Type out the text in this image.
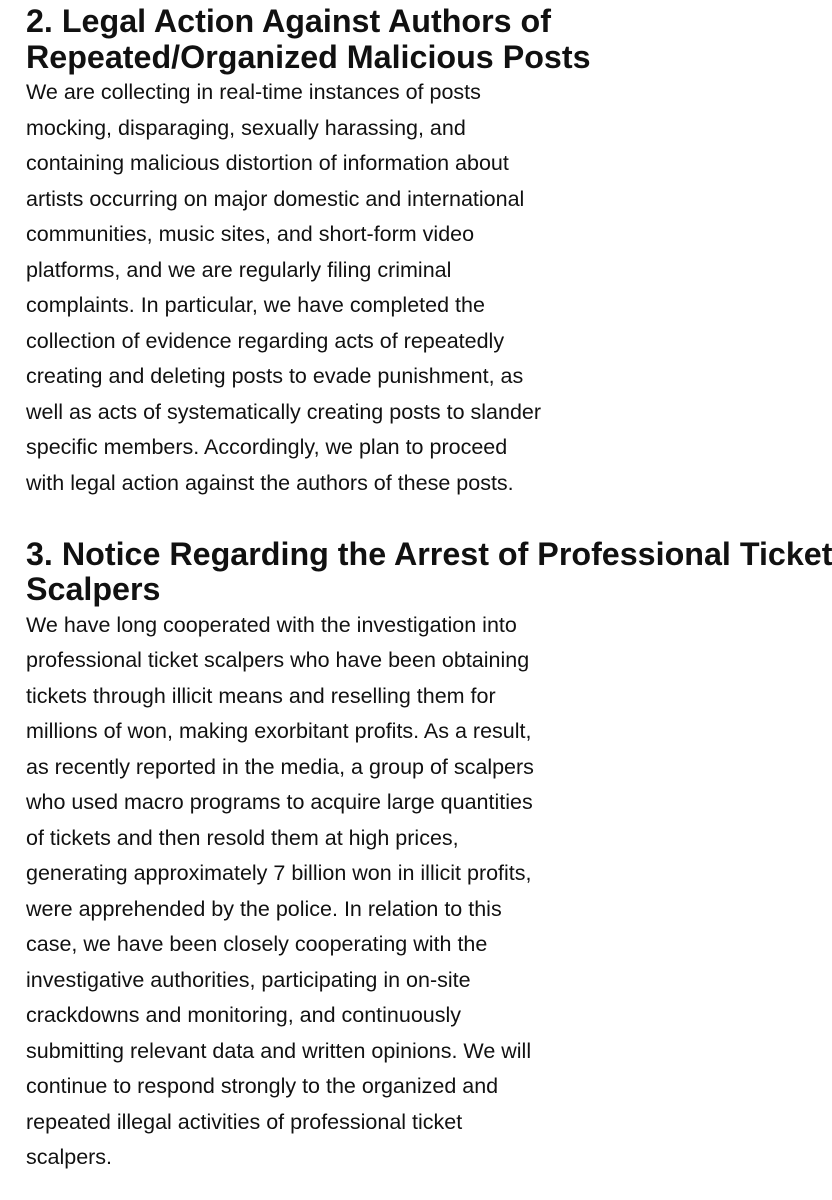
2. Legal Action Against Authors of
Repeated/Organized Malicious Posts

We are collecting in real-time instances of posts
mocking, disparaging, sexually harassing, and
containing malicious distortion of information about
artists occurring on major domestic and international
communities, music sites, and short-form video
platforms, and we are regularly filing criminal
complaints. In particular, we have completed the
collection of evidence regarding acts of repeatedly
creating and deleting posts to evade punishment, as
well as acts of systematically creating posts to slander
specific members. Accordingly, we plan to proceed
with legal action against the authors of these posts.

3. Notice Regarding the Arrest of Professional Ticket
Scalpers

We have long cooperated with the investigation into
professional ticket scalpers who have been obtaining
tickets through illicit means and reselling them for
millions of won, making exorbitant profits. As a result,
as recently reported in the media, a group of scalpers
who used macro programs to acquire large quantities
of tickets and then resold them at high prices,
generating approximately 7 billion won in illicit profits,
were apprehended by the police. In relation to this
case, we have been closely cooperating with the
investigative authorities, participating in on-site
crackdowns and monitoring, and continuously
submitting relevant data and written opinions. We will
continue to respond strongly to the organized and
repeated illegal activities of professional ticket
scalpers.
